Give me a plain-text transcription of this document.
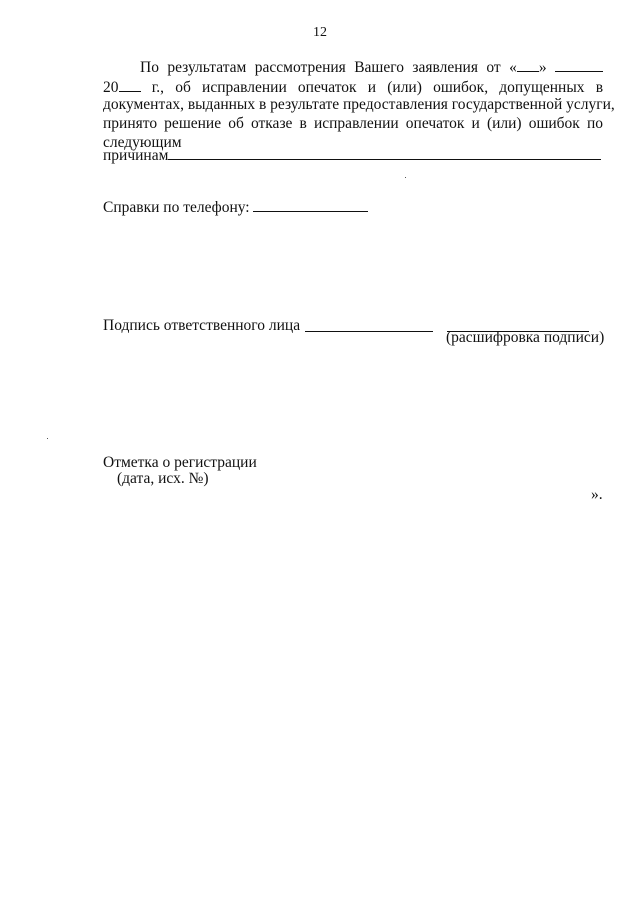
12
По результатам рассмотрения Вашего заявления от « »
20 г., об исправлении опечаток и (или) ошибок, допущенных в
документах, выданных в результате предоставления государственной услуги,
принято решение об отказе в исправлении опечаток и (или) ошибок по
следующим
причинам
Справки по телефону:
Подпись ответственного лица
(расшифровка подписи)
Отметка о регистрации
(дата, исх. №)
».
